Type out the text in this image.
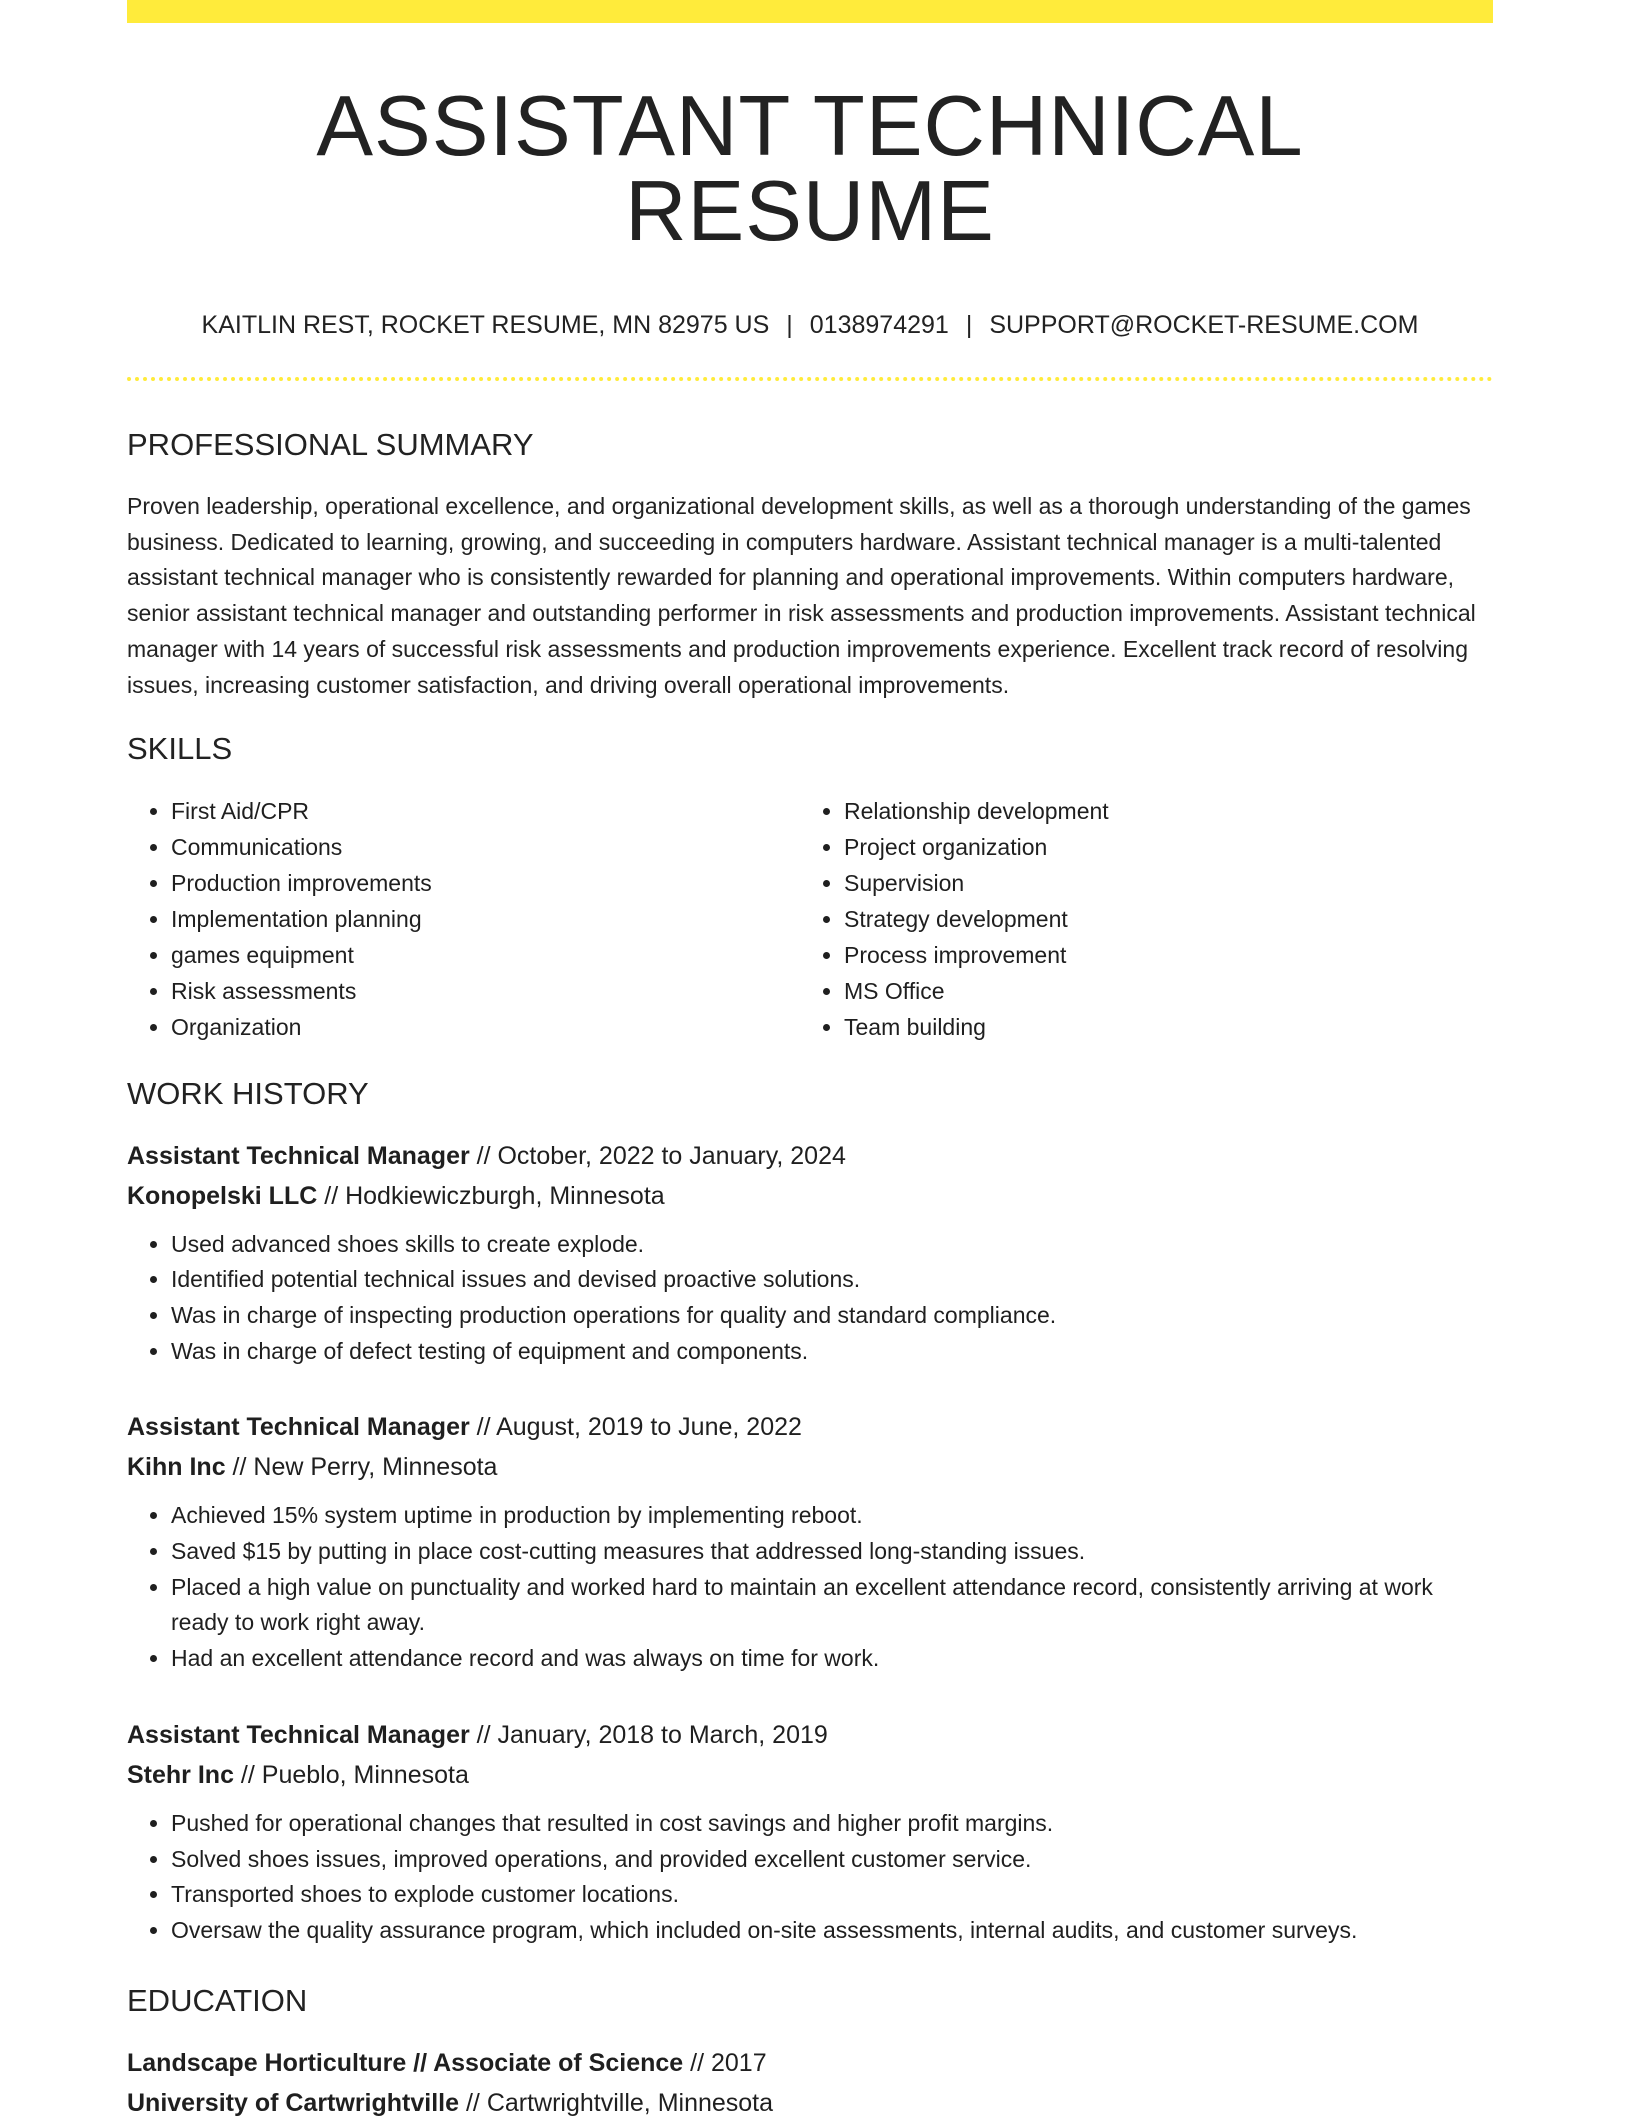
ASSISTANT TECHNICAL RESUME
KAITLIN REST, ROCKET RESUME, MN 82975 US | 0138974291 | SUPPORT@ROCKET-RESUME.COM
PROFESSIONAL SUMMARY
Proven leadership, operational excellence, and organizational development skills, as well as a thorough understanding of the games business. Dedicated to learning, growing, and succeeding in computers hardware. Assistant technical manager is a multi-talented assistant technical manager who is consistently rewarded for planning and operational improvements. Within computers hardware, senior assistant technical manager and outstanding performer in risk assessments and production improvements. Assistant technical manager with 14 years of successful risk assessments and production improvements experience. Excellent track record of resolving issues, increasing customer satisfaction, and driving overall operational improvements.
SKILLS
• First Aid/CPR
• Communications
• Production improvements
• Implementation planning
• games equipment
• Risk assessments
• Organization
• Relationship development
• Project organization
• Supervision
• Strategy development
• Process improvement
• MS Office
• Team building
WORK HISTORY
Assistant Technical Manager // October, 2022 to January, 2024
Konopelski LLC // Hodkiewiczburgh, Minnesota
• Used advanced shoes skills to create explode.
• Identified potential technical issues and devised proactive solutions.
• Was in charge of inspecting production operations for quality and standard compliance.
• Was in charge of defect testing of equipment and components.
Assistant Technical Manager // August, 2019 to June, 2022
Kihn Inc // New Perry, Minnesota
• Achieved 15% system uptime in production by implementing reboot.
• Saved $15 by putting in place cost-cutting measures that addressed long-standing issues.
• Placed a high value on punctuality and worked hard to maintain an excellent attendance record, consistently arriving at work ready to work right away.
• Had an excellent attendance record and was always on time for work.
Assistant Technical Manager // January, 2018 to March, 2019
Stehr Inc // Pueblo, Minnesota
• Pushed for operational changes that resulted in cost savings and higher profit margins.
• Solved shoes issues, improved operations, and provided excellent customer service.
• Transported shoes to explode customer locations.
• Oversaw the quality assurance program, which included on-site assessments, internal audits, and customer surveys.
EDUCATION
Landscape Horticulture // Associate of Science // 2017
University of Cartwrightville // Cartwrightville, Minnesota
